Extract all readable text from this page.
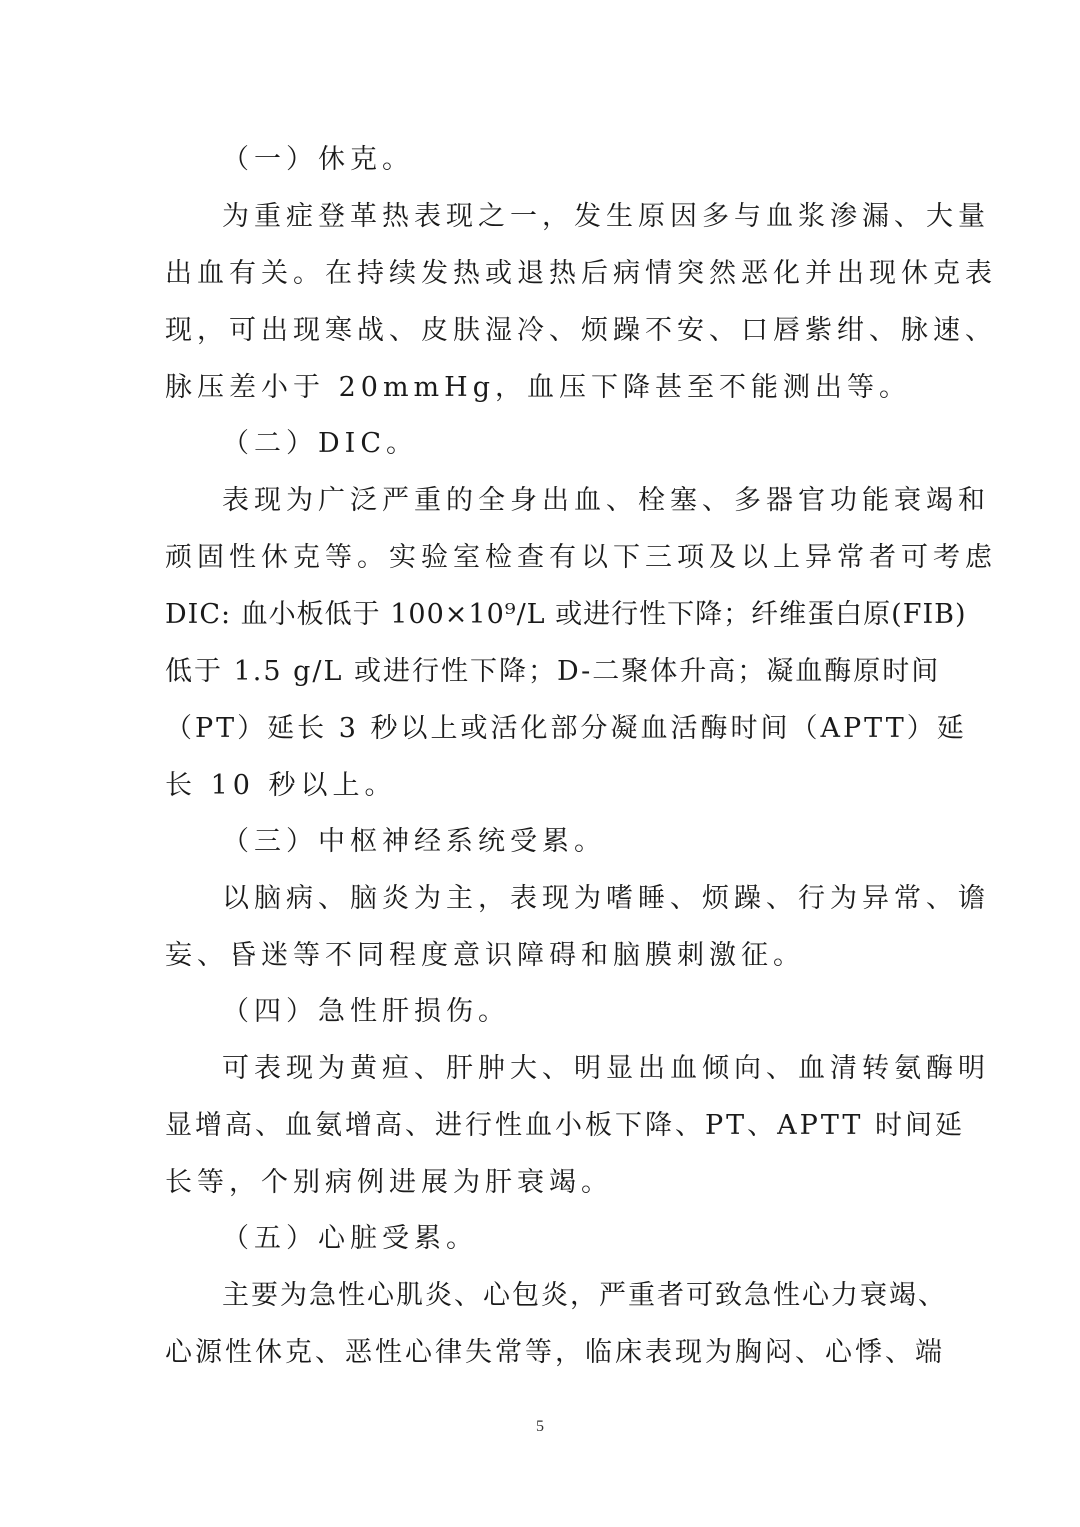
（一）休克。
为重症登革热表现之一，发生原因多与血浆渗漏、大量
出血有关。在持续发热或退热后病情突然恶化并出现休克表
现，可出现寒战、皮肤湿冷、烦躁不安、口唇紫绀、脉速、
脉压差小于 20mmHg，血压下降甚至不能测出等。
（二）DIC。
表现为广泛严重的全身出血、栓塞、多器官功能衰竭和
顽固性休克等。实验室检查有以下三项及以上异常者可考虑
DIC: 血小板低于 100×10⁹/L 或进行性下降；纤维蛋白原(FIB)
低于 1.5 g/L 或进行性下降；D-二聚体升高；凝血酶原时间
（PT）延长 3 秒以上或活化部分凝血活酶时间（APTT）延
长 10 秒以上。
（三）中枢神经系统受累。
以脑病、脑炎为主，表现为嗜睡、烦躁、行为异常、谵
妄、昏迷等不同程度意识障碍和脑膜刺激征。
（四）急性肝损伤。
可表现为黄疸、肝肿大、明显出血倾向、血清转氨酶明
显增高、血氨增高、进行性血小板下降、PT、APTT 时间延
长等，个别病例进展为肝衰竭。
（五）心脏受累。
主要为急性心肌炎、心包炎，严重者可致急性心力衰竭、
心源性休克、恶性心律失常等，临床表现为胸闷、心悸、端
5
